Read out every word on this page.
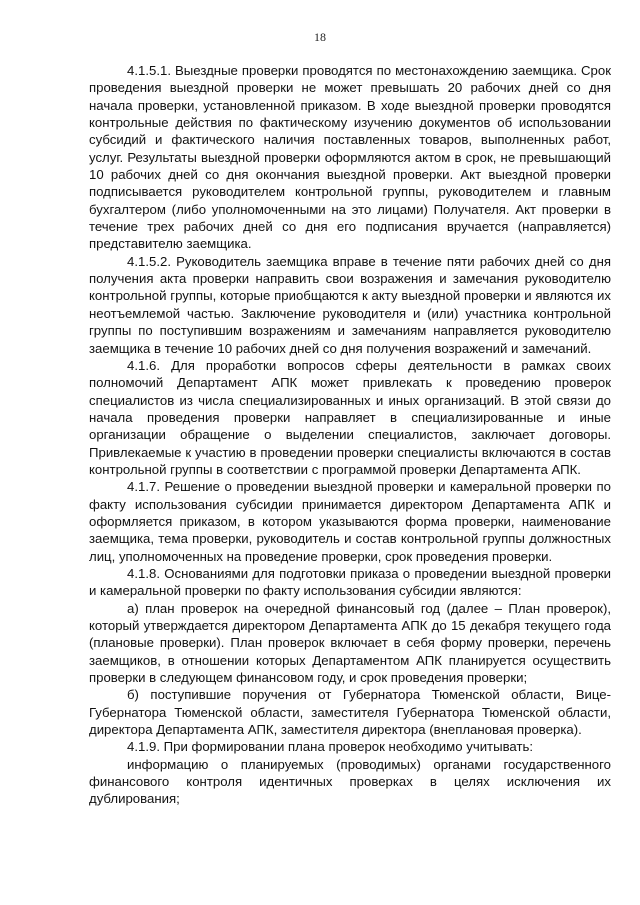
18

4.1.5.1. Выездные проверки проводятся по местонахождению заемщика. Срок проведения выездной проверки не может превышать 20 рабочих дней со дня начала проверки, установленной приказом. В ходе выездной проверки проводятся контрольные действия по фактическому изучению документов об использовании субсидий и фактического наличия поставленных товаров, выполненных работ, услуг. Результаты выездной проверки оформляются актом в срок, не превышающий 10 рабочих дней со дня окончания выездной проверки. Акт выездной проверки подписывается руководителем контрольной группы, руководителем и главным бухгалтером (либо уполномоченными на это лицами) Получателя. Акт проверки в течение трех рабочих дней со дня его подписания вручается (направляется) представителю заемщика.

4.1.5.2. Руководитель заемщика вправе в течение пяти рабочих дней со дня получения акта проверки направить свои возражения и замечания руководителю контрольной группы, которые приобщаются к акту выездной проверки и являются их неотъемлемой частью. Заключение руководителя и (или) участника контрольной группы по поступившим возражениям и замечаниям направляется руководителю заемщика в течение 10 рабочих дней со дня получения возражений и замечаний.

4.1.6. Для проработки вопросов сферы деятельности в рамках своих полномочий Департамент АПК может привлекать к проведению проверок специалистов из числа специализированных и иных организаций. В этой связи до начала проведения проверки направляет в специализированные и иные организации обращение о выделении специалистов, заключает договоры. Привлекаемые к участию в проведении проверки специалисты включаются в состав контрольной группы в соответствии с программой проверки Департамента АПК.

4.1.7. Решение о проведении выездной проверки и камеральной проверки по факту использования субсидии принимается директором Департамента АПК и оформляется приказом, в котором указываются форма проверки, наименование заемщика, тема проверки, руководитель и состав контрольной группы должностных лиц, уполномоченных на проведение проверки, срок проведения проверки.

4.1.8. Основаниями для подготовки приказа о проведении выездной проверки и камеральной проверки по факту использования субсидии являются:

а) план проверок на очередной финансовый год (далее – План проверок), который утверждается директором Департамента АПК до 15 декабря текущего года (плановые проверки). План проверок включает в себя форму проверки, перечень заемщиков, в отношении которых Департаментом АПК планируется осуществить проверки в следующем финансовом году, и срок проведения проверки;

б) поступившие поручения от Губернатора Тюменской области, Вице-Губернатора Тюменской области, заместителя Губернатора Тюменской области, директора Департамента АПК, заместителя директора (внеплановая проверка).

4.1.9. При формировании плана проверок необходимо учитывать:

информацию о планируемых (проводимых) органами государственного финансового контроля идентичных проверках в целях исключения их дублирования;
